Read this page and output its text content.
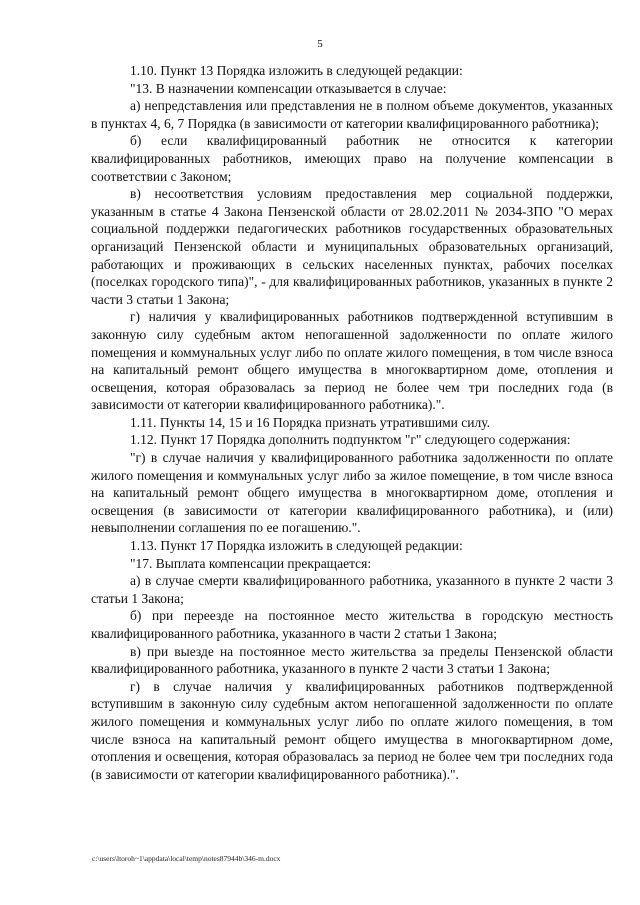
5

1.10. Пункт 13 Порядка изложить в следующей редакции:

"13. В назначении компенсации отказывается в случае:

а) непредставления или представления не в полном объеме документов, указанных в пунктах 4, 6, 7 Порядка (в зависимости от категории квалифицированного работника);

б) если квалифицированный работник не относится к категории квалифицированных работников, имеющих право на получение компенсации в соответствии с Законом;

в) несоответствия условиям предоставления мер социальной поддержки, указанным в статье 4 Закона Пензенской области от 28.02.2011 № 2034-ЗПО "О мерах социальной поддержки педагогических работников государственных образовательных организаций Пензенской области и муниципальных образовательных организаций, работающих и проживающих в сельских населенных пунктах, рабочих поселках (поселках городского типа)", - для квалифицированных работников, указанных в пункте 2 части 3 статьи 1 Закона;

г) наличия у квалифицированных работников подтвержденной вступившим в законную силу судебным актом непогашенной задолженности по оплате жилого помещения и коммунальных услуг либо по оплате жилого помещения, в том числе взноса на капитальный ремонт общего имущества в многоквартирном доме, отопления и освещения, которая образовалась за период не более чем три последних года (в зависимости от категории квалифицированного работника).".

1.11. Пункты 14, 15 и 16 Порядка признать утратившими силу.

1.12. Пункт 17 Порядка дополнить подпунктом "г" следующего содержания:

"г) в случае наличия у квалифицированного работника задолженности по оплате жилого помещения и коммунальных услуг либо за жилое помещение, в том числе взноса на капитальный ремонт общего имущества в многоквартирном доме, отопления и освещения (в зависимости от категории квалифицированного работника), и (или) невыполнении соглашения по ее погашению.".

1.13. Пункт 17 Порядка изложить в следующей редакции:

"17. Выплата компенсации прекращается:

а) в случае смерти квалифицированного работника, указанного в пункте 2 части 3 статьи 1 Закона;

б) при переезде на постоянное место жительства в городскую местность квалифицированного работника, указанного в части 2 статьи 1 Закона;

в) при выезде на постоянное место жительства за пределы Пензенской области квалифицированного работника, указанного в пункте 2 части 3 статьи 1 Закона;

г) в случае наличия у квалифицированных работников подтвержденной вступившим в законную силу судебным актом непогашенной задолженности по оплате жилого помещения и коммунальных услуг либо по оплате жилого помещения, в том числе взноса на капитальный ремонт общего имущества в многоквартирном доме, отопления и освещения, которая образовалась за период не более чем три последних года (в зависимости от категории квалифицированного работника).".

c:\users\ltoroh~1\appdata\local\temp\notes87944b\346-m.docx
